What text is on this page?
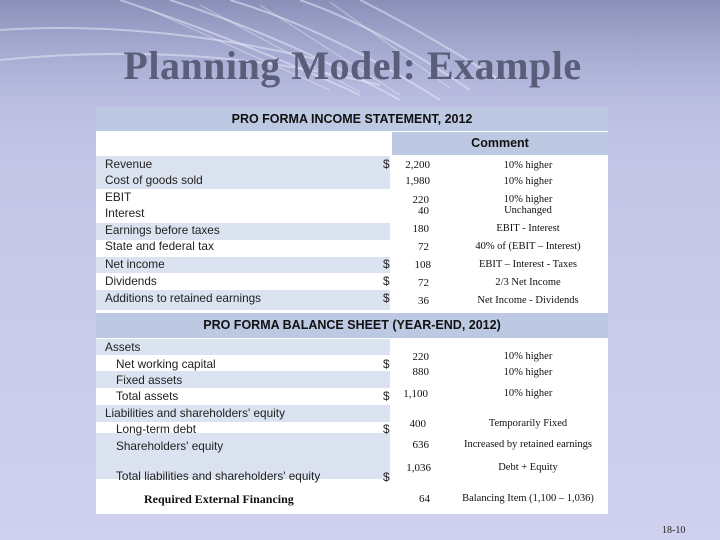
Planning Model: Example
PRO FORMA INCOME STATEMENT, 2012
Comment
Revenue
Cost of goods sold
EBIT
Interest
Earnings before taxes
State and federal tax
Net income
Dividends
Additions to retained earnings
$
$
$
$
2,200
1,980
220
40
180
72
108
72
36
10% higher
10% higher
10% higher
Unchanged
EBIT - Interest
40% of (EBIT – Interest)
EBIT – Interest - Taxes
2/3 Net Income
Net Income - Dividends
PRO FORMA BALANCE SHEET (YEAR-END, 2012)
Assets
Net working capital
Fixed assets
Total assets
Liabilities and shareholders' equity
Long-term debt
Shareholders' equity
Total liabilities and shareholders' equity
$
$
$
$
220
880
1,100
400
636
1,036
10% higher
10% higher
10% higher
Temporarily Fixed
Increased by retained earnings
Debt + Equity
Required External Financing	64	Balancing Item (1,100 – 1,036)
18-10
